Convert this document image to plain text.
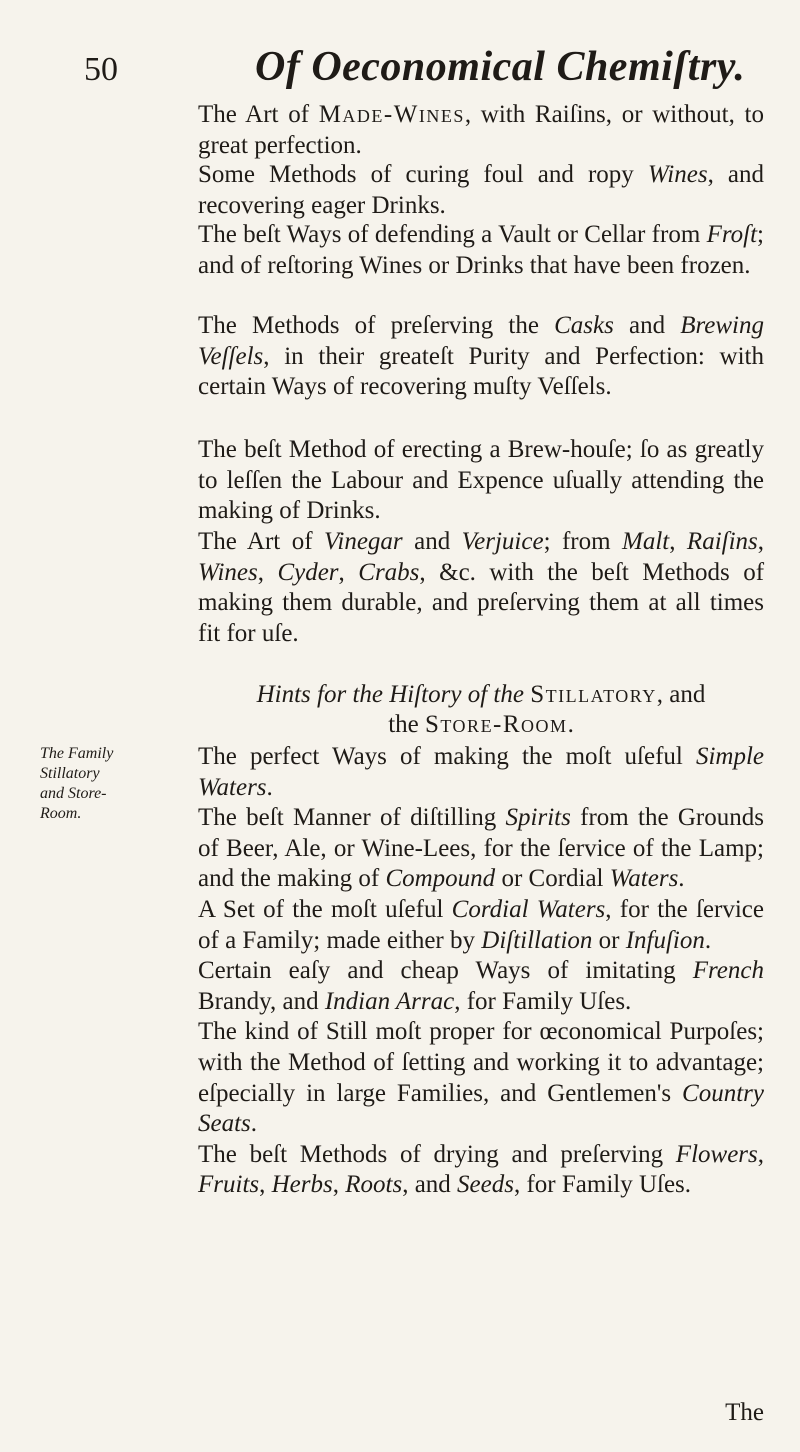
50	Of Oeconomical Chemiſtry.
The Art of Made-Wines, with Raiſins, or without, to great perfection.
Some Methods of curing foul and ropy Wines, and recovering eager Drinks.
The beſt Ways of defending a Vault or Cellar from Froſt; and of reſtoring Wines or Drinks that have been frozen.
The Methods of preſerving the Casks and Brewing Veſſels, in their greateſt Purity and Perfection: with certain Ways of recovering muſty Veſſels.
The beſt Method of erecting a Brew-houſe; ſo as greatly to leſſen the Labour and Expence uſually attending the making of Drinks.
The Art of Vinegar and Verjuice; from Malt, Raiſins, Wines, Cyder, Crabs, &c. with the beſt Methods of making them durable, and preſerving them at all times fit for uſe.
Hints for the Hiſtory of the Stillatory, and
the Store-Room.
The Family
Stillatory
and Store-
Room.
The perfect Ways of making the moſt uſeful Simple Waters.
The beſt Manner of diſtilling Spirits from the Grounds of Beer, Ale, or Wine-Lees, for the ſervice of the Lamp; and the making of Compound or Cordial Waters.
A Set of the moſt uſeful Cordial Waters, for the ſervice of a Family; made either by Diſtillation or Infuſion.
Certain eaſy and cheap Ways of imitating French Brandy, and Indian Arrac, for Family Uſes.
The kind of Still moſt proper for œconomical Purpoſes; with the Method of ſetting and working it to advantage; eſpecially in large Families, and Gentlemen's Country Seats.
The beſt Methods of drying and preſerving Flowers, Fruits, Herbs, Roots, and Seeds, for Family Uſes.
The
